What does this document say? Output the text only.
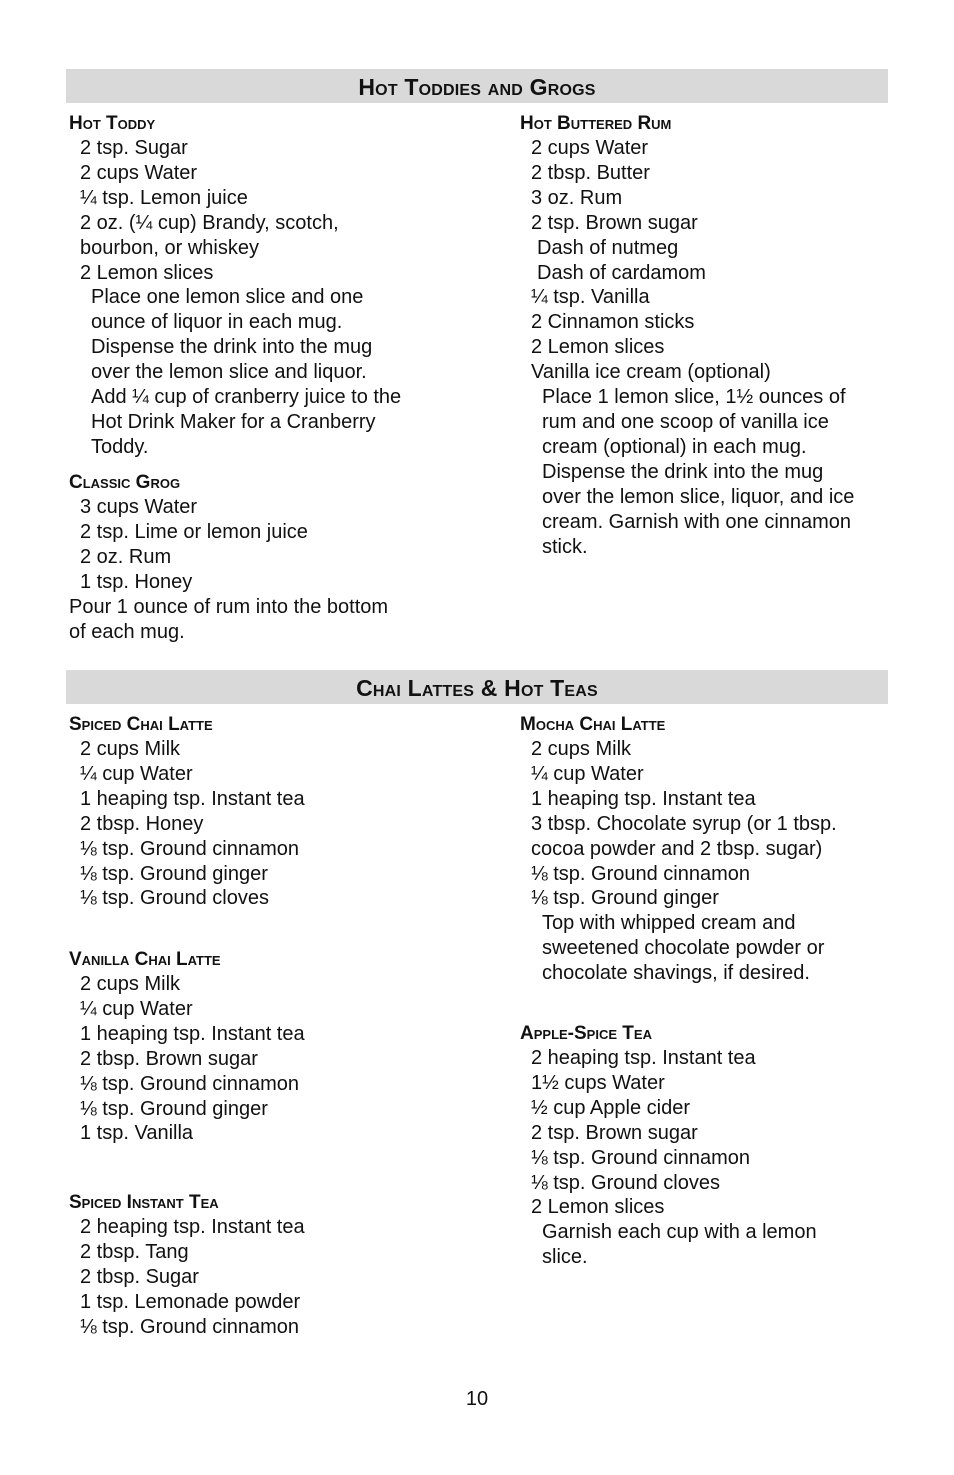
Hot Toddies and Grogs
Hot Toddy
2 tsp. Sugar
2 cups Water
¼ tsp. Lemon juice
2 oz. (¼ cup) Brandy, scotch,
bourbon, or whiskey
2 Lemon slices
Place one lemon slice and one
ounce of liquor in each mug.
Dispense the drink into the mug
over the lemon slice and liquor.
Add ¼ cup of cranberry juice to the
Hot Drink Maker for a Cranberry
Toddy.
Classic Grog
3 cups Water
2 tsp. Lime or lemon juice
2 oz. Rum
1 tsp. Honey
Pour 1 ounce of rum into the bottom
of each mug.
Hot Buttered Rum
2 cups Water
2 tbsp. Butter
3 oz. Rum
2 tsp. Brown sugar
Dash of nutmeg
Dash of cardamom
¼ tsp. Vanilla
2 Cinnamon sticks
2 Lemon slices
Vanilla ice cream (optional)
Place 1 lemon slice, 1½ ounces of
rum and one scoop of vanilla ice
cream (optional) in each mug.
Dispense the drink into the mug
over the lemon slice, liquor, and ice
cream. Garnish with one cinnamon
stick.
Chai Lattes & Hot Teas
Spiced Chai Latte
2 cups Milk
¼ cup Water
1 heaping tsp. Instant tea
2 tbsp. Honey
⅛ tsp. Ground cinnamon
⅛ tsp. Ground ginger
⅛ tsp. Ground cloves
Vanilla Chai Latte
2 cups Milk
¼ cup Water
1 heaping tsp. Instant tea
2 tbsp. Brown sugar
⅛ tsp. Ground cinnamon
⅛ tsp. Ground ginger
1 tsp. Vanilla
Spiced Instant Tea
2 heaping tsp. Instant tea
2 tbsp. Tang
2 tbsp. Sugar
1 tsp. Lemonade powder
⅛ tsp. Ground cinnamon
Mocha Chai Latte
2 cups Milk
¼ cup Water
1 heaping tsp. Instant tea
3 tbsp. Chocolate syrup (or 1 tbsp.
cocoa powder and 2 tbsp. sugar)
⅛ tsp. Ground cinnamon
⅛ tsp. Ground ginger
Top with whipped cream and
sweetened chocolate powder or
chocolate shavings, if desired.
Apple-Spice Tea
2 heaping tsp. Instant tea
1½ cups Water
½ cup Apple cider
2 tsp. Brown sugar
⅛ tsp. Ground cinnamon
⅛ tsp. Ground cloves
2 Lemon slices
Garnish each cup with a lemon
slice.
10
